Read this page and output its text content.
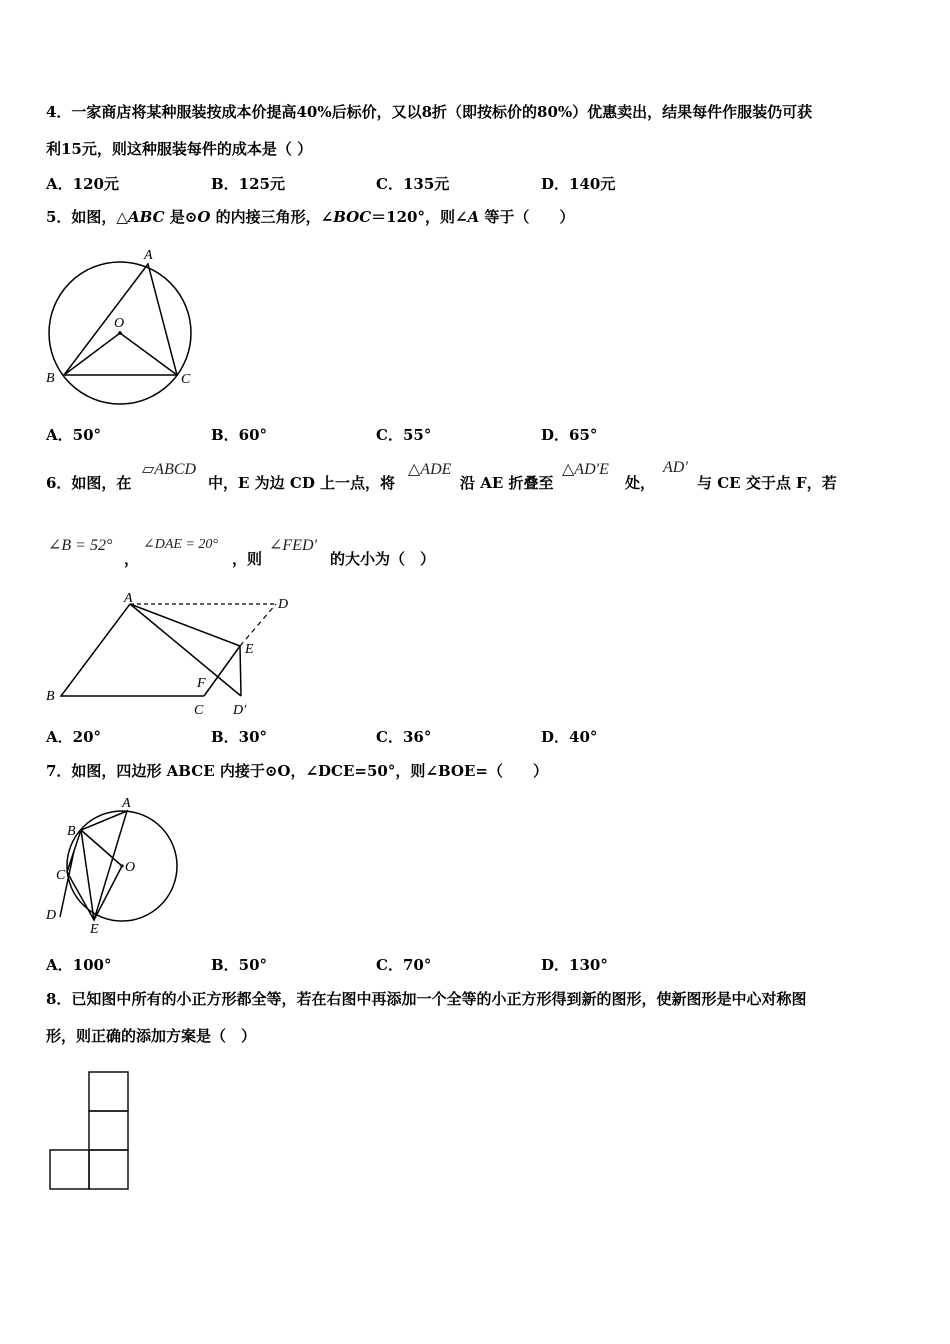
4．一家商店将某种服装按成本价提高40%后标价，又以8折（即按标价的80%）优惠卖出，结果每件作服装仍可获
利15元，则这种服装每件的成本是（ ）
A．120元	B．125元	C．135元	D．140元
5．如图，△ABC 是⊙O 的内接三角形，∠BOC＝120°，则∠A 等于（　　）
A
B	C
O
A．50°	B．60°	C．55°	D．65°
6．如图，在
▱ABCD
中，E 为边 CD 上一点，将
△ADE
沿 AE 折叠至
△AD′E
处，
AD′
与 CE 交于点 F，若
∠B = 52°
，
∠DAE = 20°
，则
∠FED′
的大小为（　）
A	D
E
F
B
C D′
A．20°	B．30°	C．36°	D．40°
7．如图，四边形 ABCE 内接于⊙O，∠DCE=50°，则∠BOE=（　　）
A
B
C
D
E
O
A．100°	B．50°	C．70°	D．130°
8．已知图中所有的小正方形都全等，若在右图中再添加一个全等的小正方形得到新的图形，使新图形是中心对称图
形，则正确的添加方案是（　）
